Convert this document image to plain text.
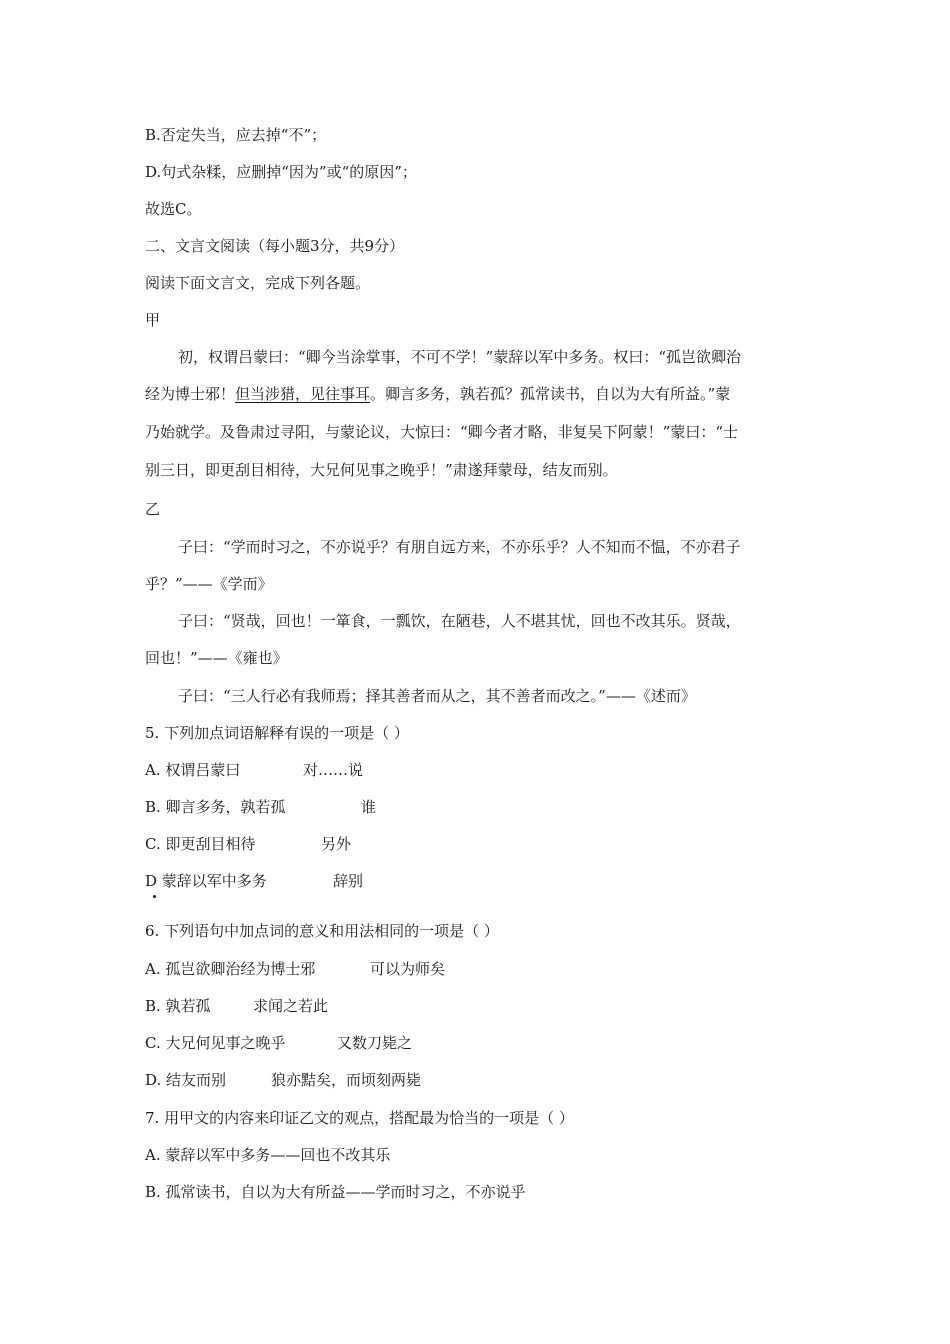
B.否定失当，应去掉“不”；
D.句式杂糅，应删掉“因为”或“的原因”；
故选C。
二、文言文阅读（每小题3分，共9分）
阅读下面文言文，完成下列各题。
甲
初，权谓吕蒙曰：“卿今当涂掌事，不可不学！”蒙辞以军中多务。权曰：“孤岂欲卿治
经为博士邪！但当涉猎，见往事耳。卿言多务，孰若孤？孤常读书，自以为大有所益。”蒙
乃始就学。及鲁肃过寻阳，与蒙论议，大惊曰：“卿今者才略，非复吴下阿蒙！”蒙曰：“士
别三日，即更刮目相待，大兄何见事之晚乎！”肃遂拜蒙母，结友而别。
乙
子曰：“学而时习之，不亦说乎？有朋自远方来，不亦乐乎？人不知而不愠，不亦君子
乎？”——《学而》
子曰：“贤哉，回也！一箪食，一瓢饮，在陋巷，人不堪其忧，回也不改其乐。贤哉，
回也！”——《雍也》
子曰：“三人行必有我师焉；择其善者而从之，其不善者而改之。”——《述而》
5. 下列加点词语解释有误的一项是（ ）
A. 权谓吕蒙曰	对……说
B. 卿言多务，孰若孤	谁
C. 即更刮目相待	另外
D 蒙辞以军中多务	辞别
6. 下列语句中加点词的意义和用法相同的一项是（ ）
A. 孤岂欲卿治经为博士邪	可以为师矣
B. 孰若孤	求闻之若此
C. 大兄何见事之晚乎	又数刀毙之
D. 结友而别	狼亦黠矣，而顷刻两毙
7. 用甲文的内容来印证乙文的观点，搭配最为恰当的一项是（ ）
A. 蒙辞以军中多务——回也不改其乐
B. 孤常读书，自以为大有所益——学而时习之，不亦说乎
